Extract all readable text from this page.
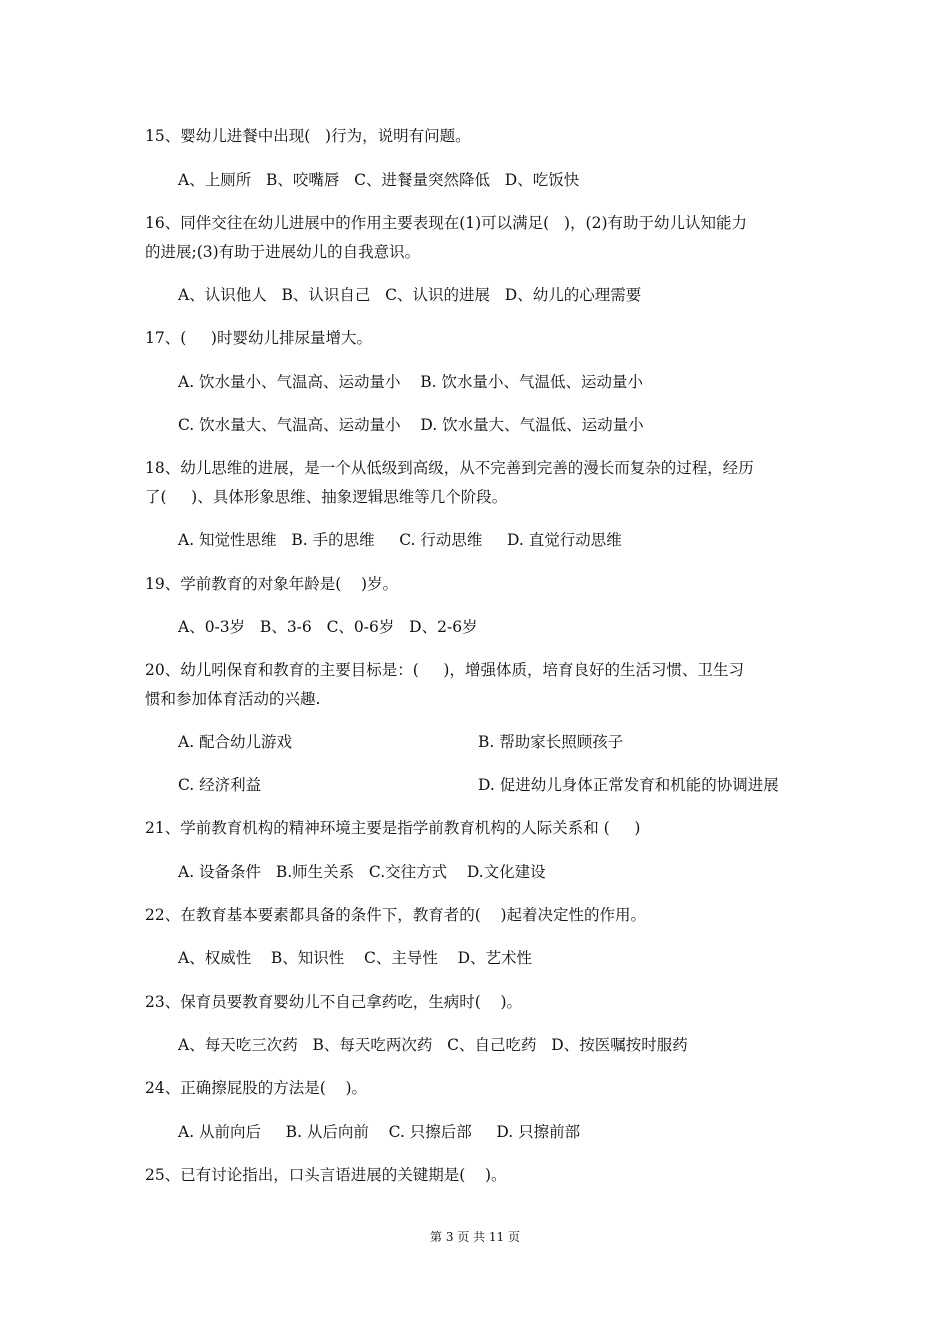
15、婴幼儿进餐中出现(   )行为，说明有问题。
A、上厕所   B、咬嘴唇   C、进餐量突然降低   D、吃饭快
16、同伴交往在幼儿进展中的作用主要表现在(1)可以满足(   )，(2)有助于幼儿认知能力
的进展;(3)有助于进展幼儿的自我意识。
A、认识他人   B、认识自己   C、认识的进展   D、幼儿的心理需要
17、(     )时婴幼儿排尿量增大。
A. 饮水量小、气温高、运动量小    B. 饮水量小、气温低、运动量小
C. 饮水量大、气温高、运动量小    D. 饮水量大、气温低、运动量小
18、幼儿思维的进展，是一个从低级到高级，从不完善到完善的漫长而复杂的过程，经历
了(     )、具体形象思维、抽象逻辑思维等几个阶段。
A. 知觉性思维   B. 手的思维     C. 行动思维     D. 直觉行动思维
19、学前教育的对象年龄是(    )岁。
A、0-3岁   B、3-6   C、0-6岁   D、2-6岁
20、幼儿吲保育和教育的主要目标是：(     )，增强体质，培育良好的生活习惯、卫生习
惯和参加体育活动的兴趣.
A. 配合幼儿游戏	B. 帮助家长照顾孩子
C. 经济利益	D. 促进幼儿身体正常发育和机能的协调进展
21、学前教育机构的精神环境主要是指学前教育机构的人际关系和 (     )
A. 设备条件   B.师生关系   C.交往方式    D.文化建设
22、在教育基本要素都具备的条件下，教育者的(    )起着决定性的作用。
A、权威性    B、知识性    C、主导性    D、艺术性
23、保育员要教育婴幼儿不自己拿药吃，生病时(    )。
A、每天吃三次药   B、每天吃两次药   C、自己吃药   D、按医嘱按时服药
24、正确擦屁股的方法是(    )。
A. 从前向后     B. 从后向前    C. 只擦后部     D. 只擦前部
25、已有讨论指出，口头言语进展的关键期是(    )。
第 3 页 共 11 页
